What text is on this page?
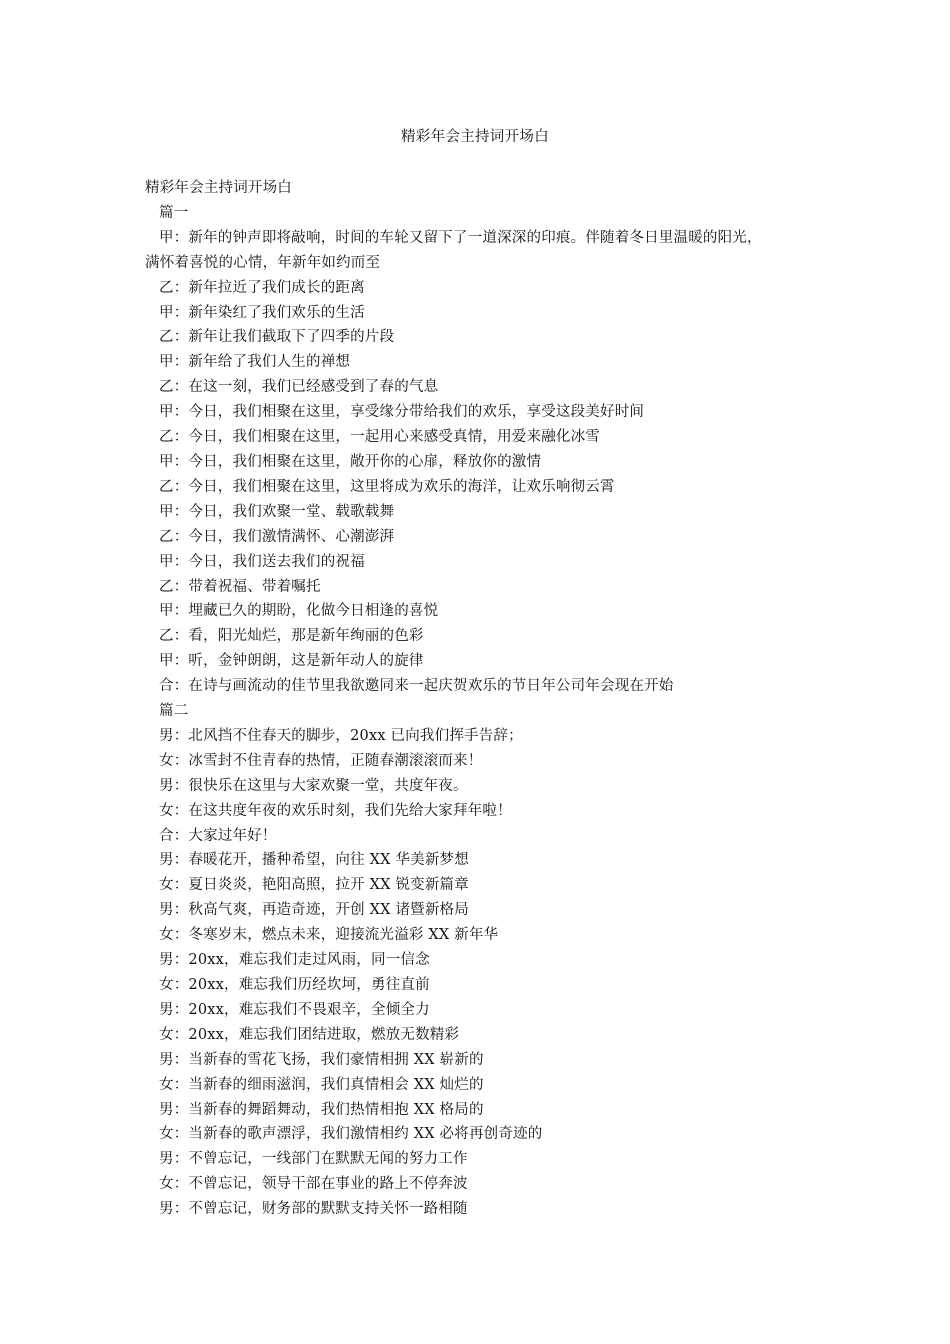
精彩年会主持词开场白
精彩年会主持词开场白
篇一
甲：新年的钟声即将敲响，时间的车轮又留下了一道深深的印痕。伴随着冬日里温暖的阳光，
满怀着喜悦的心情，年新年如约而至
乙：新年拉近了我们成长的距离
甲：新年染红了我们欢乐的生活
乙：新年让我们截取下了四季的片段
甲：新年给了我们人生的禅想
乙：在这一刻，我们已经感受到了春的气息
甲：今日，我们相聚在这里，享受缘分带给我们的欢乐，享受这段美好时间
乙：今日，我们相聚在这里，一起用心来感受真情，用爱来融化冰雪
甲：今日，我们相聚在这里，敞开你的心扉，释放你的激情
乙：今日，我们相聚在这里，这里将成为欢乐的海洋，让欢乐响彻云霄
甲：今日，我们欢聚一堂、载歌载舞
乙：今日，我们激情满怀、心潮澎湃
甲：今日，我们送去我们的祝福
乙：带着祝福、带着嘱托
甲：埋藏已久的期盼，化做今日相逢的喜悦
乙：看，阳光灿烂，那是新年绚丽的色彩
甲：听，金钟朗朗，这是新年动人的旋律
合：在诗与画流动的佳节里我欲邀同来一起庆贺欢乐的节日年公司年会现在开始
篇二
男：北风挡不住春天的脚步，20xx 已向我们挥手告辞；
女：冰雪封不住青春的热情，正随春潮滚滚而来！
男：很快乐在这里与大家欢聚一堂，共度年夜。
女：在这共度年夜的欢乐时刻，我们先给大家拜年啦！
合：大家过年好！
男：春暖花开，播种希望，向往 XX 华美新梦想
女：夏日炎炎，艳阳高照，拉开 XX 锐变新篇章
男：秋高气爽，再造奇迹，开创 XX 诸暨新格局
女：冬寒岁末，燃点未来，迎接流光溢彩 XX 新年华
男：20xx，难忘我们走过风雨，同一信念
女：20xx，难忘我们历经坎坷，勇往直前
男：20xx，难忘我们不畏艰辛，全倾全力
女：20xx，难忘我们团结进取，燃放无数精彩
男：当新春的雪花飞扬，我们豪情相拥 XX 崭新的
女：当新春的细雨滋润，我们真情相会 XX 灿烂的
男：当新春的舞蹈舞动，我们热情相抱 XX 格局的
女：当新春的歌声漂浮，我们激情相约 XX 必将再创奇迹的
男：不曾忘记，一线部门在默默无闻的努力工作
女：不曾忘记，领导干部在事业的路上不停奔波
男：不曾忘记，财务部的默默支持关怀一路相随
